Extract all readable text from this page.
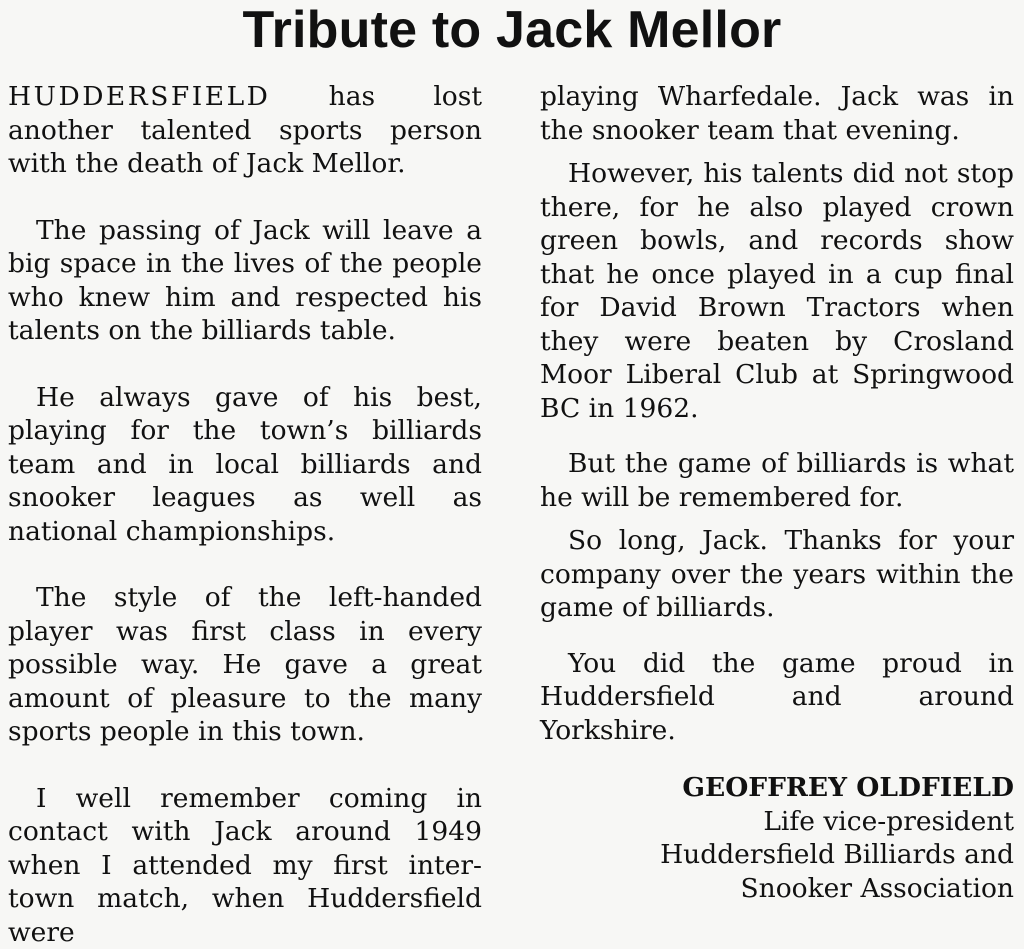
Tribute to Jack Mellor

HUDDERSFIELD has lost another talented sports person with the death of Jack Mellor.

The passing of Jack will leave a big space in the lives of the people who knew him and respected his talents on the billiards table.

He always gave of his best, playing for the town’s billiards team and in local billiards and snooker leagues as well as national championships.

The style of the left-handed player was first class in every possible way. He gave a great amount of pleasure to the many sports people in this town.

I well remember coming in contact with Jack around 1949 when I attended my first inter-town match, when Huddersfield were

playing Wharfedale. Jack was in the snooker team that evening.

However, his talents did not stop there, for he also played crown green bowls, and records show that he once played in a cup final for David Brown Tractors when they were beaten by Crosland Moor Liberal Club at Springwood BC in 1962.

But the game of billiards is what he will be remembered for.

So long, Jack. Thanks for your company over the years within the game of billiards.

You did the game proud in Huddersfield and around Yorkshire.

GEOFFREY OLDFIELD
Life vice-president
Huddersfield Billiards and
Snooker Association
